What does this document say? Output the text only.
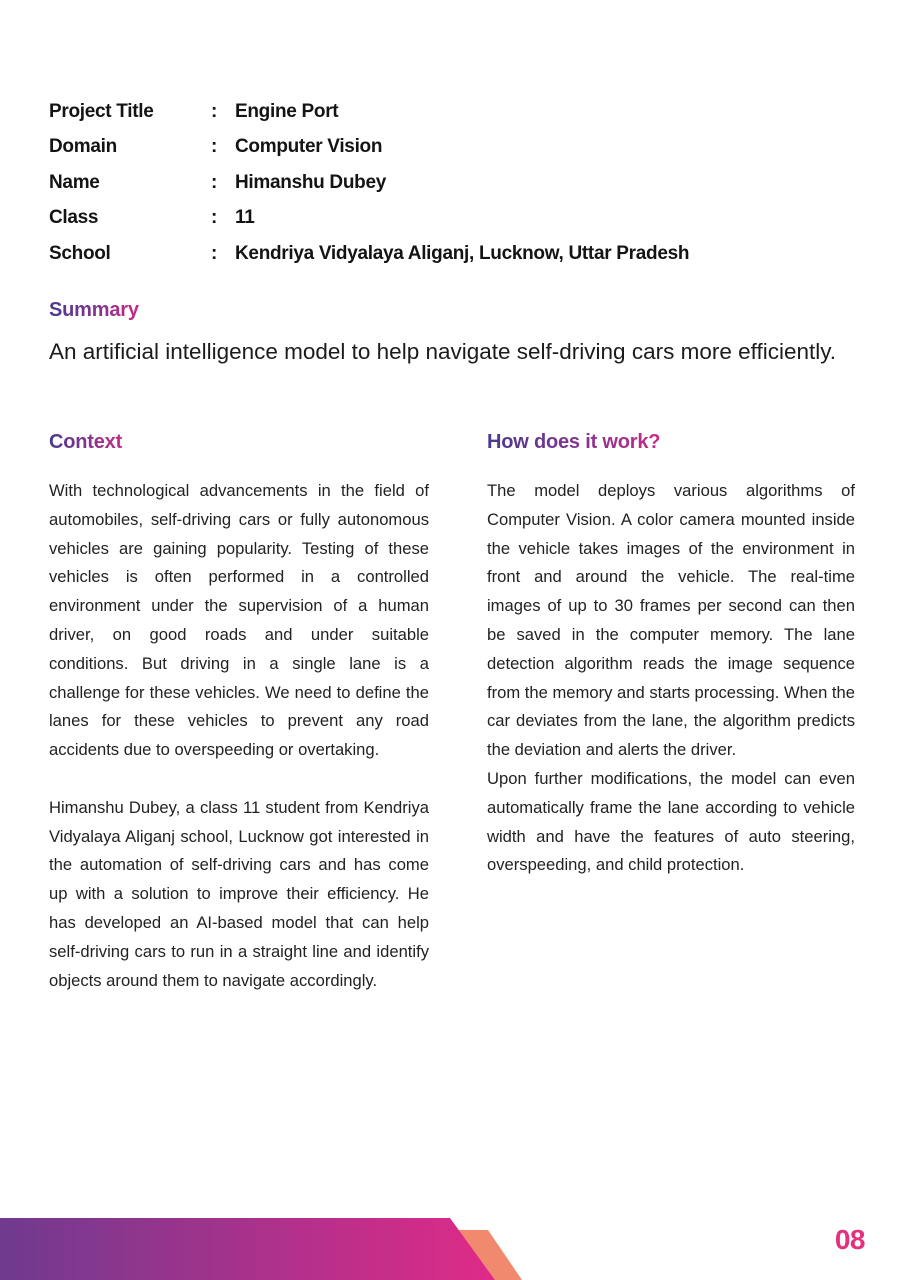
Project Title	: Engine Port
Domain	: Computer Vision
Name	: Himanshu Dubey
Class	: 11
School	: Kendriya Vidyalaya Aliganj, Lucknow, Uttar Pradesh
Summary
An artificial intelligence model to help navigate self-driving cars more efficiently.
Context

With technological advancements in the field of automobiles, self-driving cars or fully autonomous vehicles are gaining popularity. Testing of these vehicles is often performed in a controlled environment under the supervision of a human driver, on good roads and under suitable conditions. But driving in a single lane is a challenge for these vehicles. We need to define the lanes for these vehicles to prevent any road accidents due to overspeeding or overtaking.

Himanshu Dubey, a class 11 student from Kendriya Vidyalaya Aliganj school, Lucknow got interested in the automation of self-driving cars and has come up with a solution to improve their efficiency. He has developed an AI-based model that can help self-driving cars to run in a straight line and identify objects around them to navigate accordingly.

How does it work?

The model deploys various algorithms of Computer Vision. A color camera mounted inside the vehicle takes images of the environment in front and around the vehicle. The real-time images of up to 30 frames per second can then be saved in the computer memory. The lane detection algorithm reads the image sequence from the memory and starts processing. When the car deviates from the lane, the algorithm predicts the deviation and alerts the driver.

Upon further modifications, the model can even automatically frame the lane according to vehicle width and have the features of auto steering, overspeeding, and child protection.

08
